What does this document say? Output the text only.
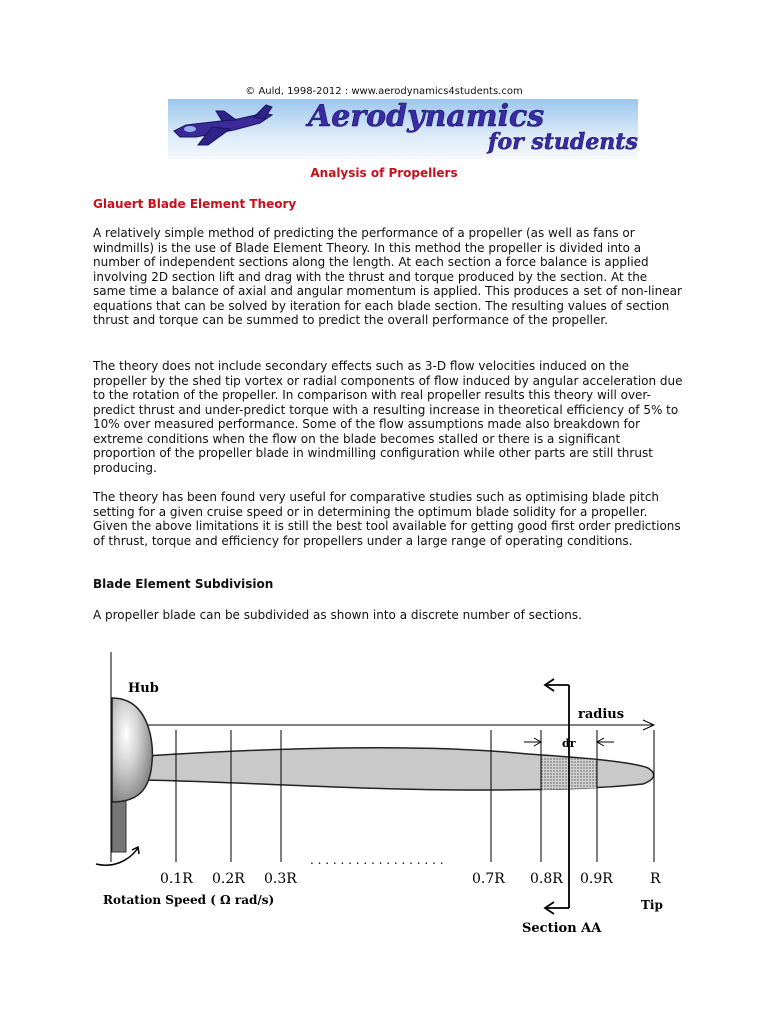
© Auld, 1998-2012 : www.aerodynamics4students.com
Aerodynamics
for students
Analysis of Propellers
Glauert Blade Element Theory

A relatively simple method of predicting the performance of a propeller (as well as fans or windmills) is the use of Blade Element Theory. In this method the propeller is divided into a number of independent sections along the length. At each section a force balance is applied involving 2D section lift and drag with the thrust and torque produced by the section. At the same time a balance of axial and angular momentum is applied. This produces a set of non-linear equations that can be solved by iteration for each blade section. The resulting values of section thrust and torque can be summed to predict the overall performance of the propeller.

The theory does not include secondary effects such as 3-D flow velocities induced on the propeller by the shed tip vortex or radial components of flow induced by angular acceleration due to the rotation of the propeller. In comparison with real propeller results this theory will over-predict thrust and under-predict torque with a resulting increase in theoretical efficiency of 5% to 10% over measured performance. Some of the flow assumptions made also breakdown for extreme conditions when the flow on the blade becomes stalled or there is a significant proportion of the propeller blade in windmilling configuration while other parts are still thrust producing.

The theory has been found very useful for comparative studies such as optimising blade pitch setting for a given cruise speed or in determining the optimum blade solidity for a propeller. Given the above limitations it is still the best tool available for getting good first order predictions of thrust, torque and efficiency for propellers under a large range of operating conditions.

Blade Element Subdivision

A propeller blade can be subdivided as shown into a discrete number of sections.

Hub
radius
dr
0.1R 0.2R 0.3R
. . . . . . . . . . . . . . . . . .
0.7R 0.8R 0.9R	R
Rotation Speed ( Ω rad/s)	Tip
Section AA
